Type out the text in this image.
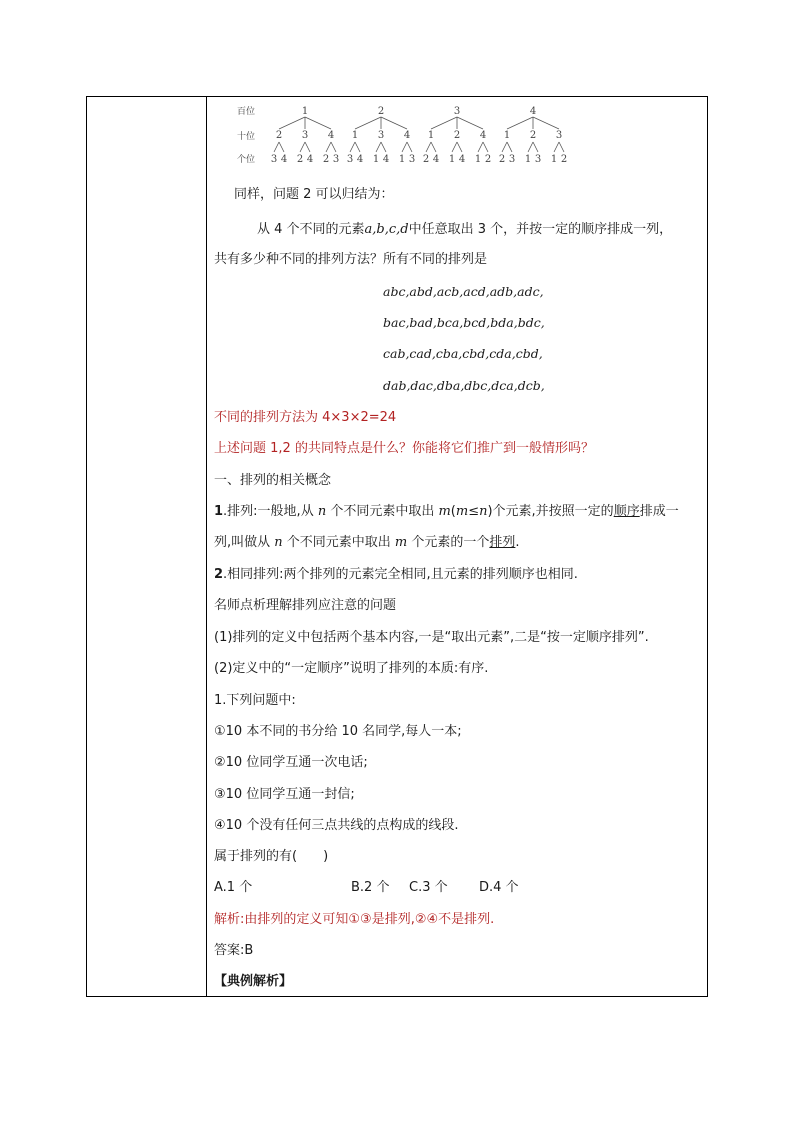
百位
十位
个位
1
2
3 4
3
2 4
4
2 3
2
1
3 4
3
1 4
4
1 3
3
1
2 4
2
1 4
4
1 2
4
1
2 3
2
1 3
3
1 2
同样，问题 2 可以归结为：
从 4 个不同的元素a,b,c,d中任意取出 3 个，并按一定的顺序排成一列，
共有多少种不同的排列方法？所有不同的排列是
abc,abd,acb,acd,adb,adc,
bac,bad,bca,bcd,bda,bdc,
cab,cad,cba,cbd,cda,cbd,
dab,dac,dba,dbc,dca,dcb,
不同的排列方法为 4×3×2=24
上述问题 1,2 的共同特点是什么？你能将它们推广到一般情形吗？
一、排列的相关概念
1.排列:一般地,从 n 个不同元素中取出 m(m≤n)个元素,并按照一定的顺序排成一
列,叫做从 n 个不同元素中取出 m 个元素的一个排列.
2.相同排列:两个排列的元素完全相同,且元素的排列顺序也相同.
名师点析理解排列应注意的问题
(1)排列的定义中包括两个基本内容,一是“取出元素”,二是“按一定顺序排列”.
(2)定义中的“一定顺序”说明了排列的本质:有序.
1.下列问题中:
①10 本不同的书分给 10 名同学,每人一本;
②10 位同学互通一次电话;
③10 位同学互通一封信;
④10 个没有任何三点共线的点构成的线段.
属于排列的有(　　)
A.1 个	B.2 个 C.3 个 D.4 个
解析:由排列的定义可知①③是排列,②④不是排列.
答案:B
【典例解析】
